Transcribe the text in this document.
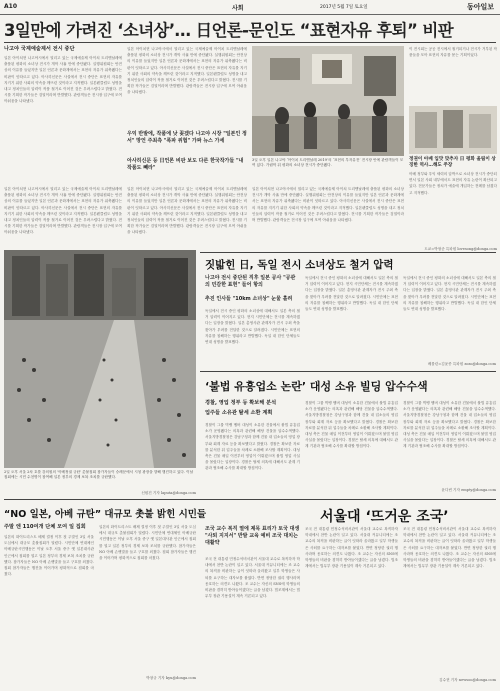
A10	사회	2017년 5월 7일 토요일	동아일보
3일만에 가려진 ‘소녀상’… 日언론-문인도 “표현자유 후퇴” 비판
나고야 국제예술제서 전시 중단
일본 아이치현 나고야시에서 열리고 있는 국제예술제 아이치 트리엔날레에 출품된 평화의 소녀상 전시가 개막 사흘 만에 중단됐다. 실행위원회는 안전상의 이유를 들었지만 일본 언론과 문화계에서는 표현의 자유가 위축됐다는 비판이 잇따르고 있다. 아사히신문은 사설에서 전시 중단은 표현의 자유를 지키기 위한 사회의 약속을 깨뜨린 것이라고 지적했다. 일본펜클럽도 성명을 내고 정치인들의 압력이 작품 철거로 이어진 것은 우려스럽다고 밝혔다. 전시를 기획한 작가들은 검열이라며 반발했다. 관람객들은 전시장 입구에 모여 아쉬움을 나타냈다.
일본 아이치현 나고야시에서 열리고 있는 국제예술제 아이치 트리엔날레에 출품된 평화의 소녀상 전시가 개막 사흘 만에 중단됐다. 실행위원회는 안전상의 이유를 들었지만 일본 언론과 문화계에서는 표현의 자유가 위축됐다는 비판이 잇따르고 있다. 아사히신문은 사설에서 전시 중단은 표현의 자유를 지키기 위한 사회의 약속을 깨뜨린 것이라고 지적했다. 일본펜클럽도 성명을 내고 정치인들의 압력이 작품 철거로 이어진 것은 우려스럽다고 밝혔다. 전시를 기획한 작가들은 검열이라며 반발했다. 관람객들은 전시장 입구에 모여 아쉬움을 나타냈다.
우익 반발에, 작품에 낫 꽂겠다 나고야 시장 "일본인 정서" 망언 주최측 "폭파 위협" 가짜 뉴스 가세
아사히신문 등 日언론 비판 보도 다른 한국작가들 "내 작품도 빼라"
3일 오후 일본 나고야 ‘아이치 트리엔날레 2019’의 ‘표현의 부자유전’ 전시장 안에 관람객들이 모여 있다. 가림막 뒤 평화의 소녀상 전시가 중단됐다.
이 전시회는 공공 전시에서 철거되거나 전시가 거부된 작품들을 모아 표현의 자유를 묻는 기획이었다.
정권이 아베 입맛 맞추자 日 평화 올림이 상징한 역사…해도 주장
아베 정부와 우익 세력의 압박으로 소녀상 전시가 중단되면서 일본 사회 내부에서도 표현의 자유 논란이 확산되고 있다. 전문가들은 정치가 예술에 개입하는 전례를 남겼다고 지적했다.
도쿄=박형준 특파원 lovesong@donga.com
일본 아이치현 나고야시에서 열리고 있는 국제예술제 아이치 트리엔날레에 출품된 평화의 소녀상 전시가 개막 사흘 만에 중단됐다. 실행위원회는 안전상의 이유를 들었지만 일본 언론과 문화계에서는 표현의 자유가 위축됐다는 비판이 잇따르고 있다. 아사히신문은 사설에서 전시 중단은 표현의 자유를 지키기 위한 사회의 약속을 깨뜨린 것이라고 지적했다. 일본펜클럽도 성명을 내고 정치인들의 압력이 작품 철거로 이어진 것은 우려스럽다고 밝혔다. 전시를 기획한 작가들은 검열이라며 반발했다. 관람객들은 전시장 입구에 모여 아쉬움을 나타냈다.
일본 아이치현 나고야시에서 열리고 있는 국제예술제 아이치 트리엔날레에 출품된 평화의 소녀상 전시가 개막 사흘 만에 중단됐다. 실행위원회는 안전상의 이유를 들었지만 일본 언론과 문화계에서는 표현의 자유가 위축됐다는 비판이 잇따르고 있다. 아사히신문은 사설에서 전시 중단은 표현의 자유를 지키기 위한 사회의 약속을 깨뜨린 것이라고 지적했다. 일본펜클럽도 성명을 내고 정치인들의 압력이 작품 철거로 이어진 것은 우려스럽다고 밝혔다. 전시를 기획한 작가들은 검열이라며 반발했다. 관람객들은 전시장 입구에 모여 아쉬움을 나타냈다.
일본 아이치현 나고야시에서 열리고 있는 국제예술제 아이치 트리엔날레에 출품된 평화의 소녀상 전시가 개막 사흘 만에 중단됐다. 실행위원회는 안전상의 이유를 들었지만 일본 언론과 문화계에서는 표현의 자유가 위축됐다는 비판이 잇따르고 있다. 아사히신문은 사설에서 전시 중단은 표현의 자유를 지키기 위한 사회의 약속을 깨뜨린 것이라고 지적했다. 일본펜클럽도 성명을 내고 정치인들의 압력이 작품 철거로 이어진 것은 우려스럽다고 밝혔다. 전시를 기획한 작가들은 검열이라며 반발했다. 관람객들은 전시장 입구에 모여 아쉬움을 나타냈다.
2일 오후 서울 2차 호를 강의원의 '아베정권 규탄' 촛불집회 참가자들이 숭례문에서 시청 광장을 향해 행진하고 있다. 이날 집회에는 시민 수천명이 참여해 일본 정부의 경제 보복 조치를 규탄했다.
신원건 기자 laputa@donga.com
짓밟힌 日, 독일 전시 소녀상도 철거 압력
나고야 전시 중단된 직후 일본 공사 "공관의 민감한 표현" 들어 항의
추진 인사들 "10km 소녀상" 눈물 흘려
독일에서 전시 중인 평화의 소녀상에 대해서도 일본 측의 철거 압력이 이어지고 있다. 현지 시민단체는 전시를 계속하겠다는 입장을 밝혔다. 일본 총영사관 관계자가 전시 주최 측을 찾아가 우려를 전달한 것으로 알려졌다. 시민단체는 표현의 자유를 침해하는 행위라고 반발했다. 독일 내 한인 단체들도 연대 성명을 발표했다.
독일에서 전시 중인 평화의 소녀상에 대해서도 일본 측의 철거 압력이 이어지고 있다. 현지 시민단체는 전시를 계속하겠다는 입장을 밝혔다. 일본 총영사관 관계자가 전시 주최 측을 찾아가 우려를 전달한 것으로 알려졌다. 시민단체는 표현의 자유를 침해하는 행위라고 반발했다. 독일 내 한인 단체들도 연대 성명을 발표했다.
독일에서 전시 중인 평화의 소녀상에 대해서도 일본 측의 철거 압력이 이어지고 있다. 현지 시민단체는 전시를 계속하겠다는 입장을 밝혔다. 일본 총영사관 관계자가 전시 주최 측을 찾아가 우려를 전달한 것으로 알려졌다. 시민단체는 표현의 자유를 침해하는 행위라고 반발했다. 독일 내 한인 단체들도 연대 성명을 발표했다.
베를린=김윤종 특파원 zozo@donga.com
‘불법 유흥업소 논란’ 대성 소유 빌딩 압수수색
경찰, 영업 정부 등 확보해 분석
업주들 소유관 탈세 소환 계획
경찰이 그룹 빅뱅 멤버 대성이 소유한 건물에서 불법 유흥업소가 운영됐다는 의혹과 관련해 해당 건물을 압수수색했다. 서울지방경찰청은 강남구청과 함께 건물 내 업소들의 영업 장부와 회계 자료 등을 확보했다고 밝혔다. 경찰은 확보한 자료를 분석한 뒤 업주들을 차례로 소환해 조사할 계획이다. 대성 측은 건물 매입 이전부터 영업이 이뤄졌으며 불법 영업 사실을 몰랐다는 입장이다. 경찰은 탈세 의혹에 대해서도 관계 기관과 협조해 수사를 확대할 방침이다.
경찰이 그룹 빅뱅 멤버 대성이 소유한 건물에서 불법 유흥업소가 운영됐다는 의혹과 관련해 해당 건물을 압수수색했다. 서울지방경찰청은 강남구청과 함께 건물 내 업소들의 영업 장부와 회계 자료 등을 확보했다고 밝혔다. 경찰은 확보한 자료를 분석한 뒤 업주들을 차례로 소환해 조사할 계획이다. 대성 측은 건물 매입 이전부터 영업이 이뤄졌으며 불법 영업 사실을 몰랐다는 입장이다. 경찰은 탈세 의혹에 대해서도 관계 기관과 협조해 수사를 확대할 방침이다.
경찰이 그룹 빅뱅 멤버 대성이 소유한 건물에서 불법 유흥업소가 운영됐다는 의혹과 관련해 해당 건물을 압수수색했다. 서울지방경찰청은 강남구청과 함께 건물 내 업소들의 영업 장부와 회계 자료 등을 확보했다고 밝혔다. 경찰은 확보한 자료를 분석한 뒤 업주들을 차례로 소환해 조사할 계획이다. 대성 측은 건물 매입 이전부터 영업이 이뤄졌으며 불법 영업 사실을 몰랐다는 입장이다. 경찰은 탈세 의혹에 대해서도 관계 기관과 협조해 수사를 확대할 방침이다.
윤다빈 기자 empty@donga.com
“NO 일본, 아베 규탄” 대규모 촛불 밝힌 시민들
주말 엔 110여개 단체 모여 일 집회
일본의 화이트리스트 배제 결정 이후 첫 주말인 3일 서울 도심에서 대규모 촛불집회가 열렸다. 시민단체 연대체인 아베규탄시민행동은 이날 오후 서울 중구 옛 일본대사관 인근에서 집회를 열고 일본 정부의 경제 보복 조치를 규탄했다. 참가자들은 NO 아베 손팻말을 들고 구호를 외쳤다. 집회 참가자들은 행진을 이어가며 평화적으로 집회를 마쳤다.
일본의 화이트리스트 배제 결정 이후 첫 주말인 3일 서울 도심에서 대규모 촛불집회가 열렸다. 시민단체 연대체인 아베규탄시민행동은 이날 오후 서울 중구 옛 일본대사관 인근에서 집회를 열고 일본 정부의 경제 보복 조치를 규탄했다. 참가자들은 NO 아베 손팻말을 들고 구호를 외쳤다. 집회 참가자들은 행진을 이어가며 평화적으로 집회를 마쳤다.
박창규 기자 kyu@donga.com
서울대 ‘뜨거운 조국’
조국 교수 복직 열에 제목 표리가 토국 대생 "사퇴 지지서" 반발 교육 예비 조국 대치는 대활약
조국 전 대통령 민정수석비서관이 서울대 교수로 복직하자 학내에서 찬반 논란이 일고 있다. 서울대 커뮤니티에는 조 교수의 복직을 비판하는 글이 잇따라 올라왔고 일부 학생들은 사퇴를 요구하는 대자보를 붙였다. 반면 정당한 권리 행사라며 옹호하는 의견도 나왔다. 조 교수는 자신의 SNS에 학생들의 비판을 겸허히 받아들이겠다는 글을 남겼다. 법조계에서는 법무부 장관 기용설이 계속 거론되고 있다.
조국 전 대통령 민정수석비서관이 서울대 교수로 복직하자 학내에서 찬반 논란이 일고 있다. 서울대 커뮤니티에는 조 교수의 복직을 비판하는 글이 잇따라 올라왔고 일부 학생들은 사퇴를 요구하는 대자보를 붙였다. 반면 정당한 권리 행사라며 옹호하는 의견도 나왔다. 조 교수는 자신의 SNS에 학생들의 비판을 겸허히 받아들이겠다는 글을 남겼다. 법조계에서는 법무부 장관 기용설이 계속 거론되고 있다.
조국 전 대통령 민정수석비서관이 서울대 교수로 복직하자 학내에서 찬반 논란이 일고 있다. 서울대 커뮤니티에는 조 교수의 복직을 비판하는 글이 잇따라 올라왔고 일부 학생들은 사퇴를 요구하는 대자보를 붙였다. 반면 정당한 권리 행사라며 옹호하는 의견도 나왔다. 조 교수는 자신의 SNS에 학생들의 비판을 겸허히 받아들이겠다는 글을 남겼다. 법조계에서는 법무부 장관 기용설이 계속 거론되고 있다.
김수현 기자 newsoo@donga.com
